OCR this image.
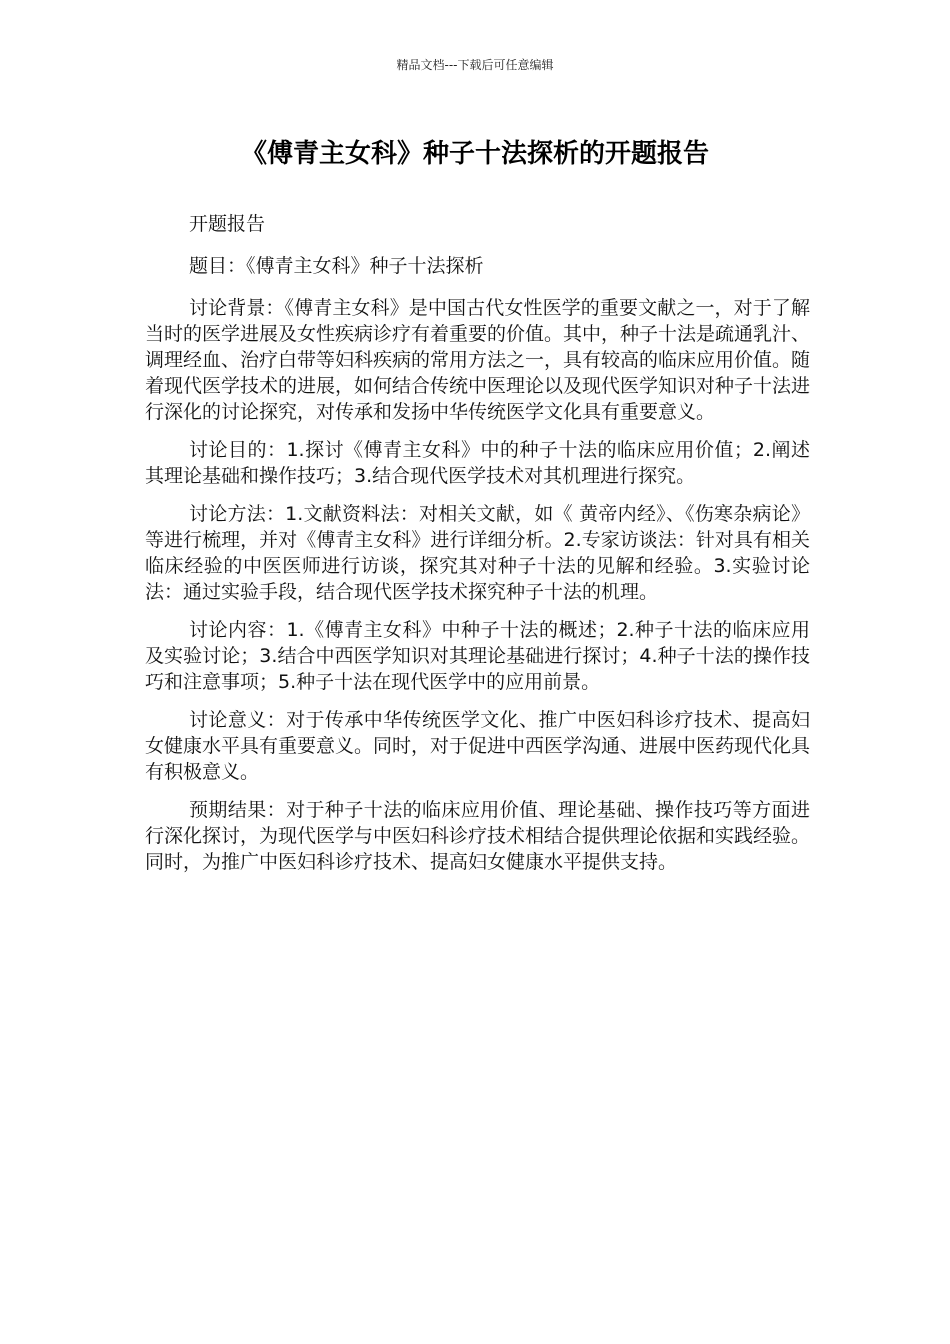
精品文档---下载后可任意编辑
《傅青主女科》种子十法探析的开题报告

开题报告

题目：《傅青主女科》种子十法探析

讨论背景：《傅青主女科》是中国古代女性医学的重要文献之一，对于了解当时的医学进展及女性疾病诊疗有着重要的价值。其中，种子十法是疏通乳汁、调理经血、治疗白带等妇科疾病的常用方法之一，具有较高的临床应用价值。随着现代医学技术的进展，如何结合传统中医理论以及现代医学知识对种子十法进行深化的讨论探究，对传承和发扬中华传统医学文化具有重要意义。

讨论目的：1.探讨《傅青主女科》中的种子十法的临床应用价值；2.阐述其理论基础和操作技巧；3.结合现代医学技术对其机理进行探究。

讨论方法：1.文献资料法：对相关文献，如《 黄帝内经》、《伤寒杂病论》等进行梳理，并对《傅青主女科》进行详细分析。2.专家访谈法：针对具有相关临床经验的中医医师进行访谈，探究其对种子十法的见解和经验。3.实验讨论法：通过实验手段，结合现代医学技术探究种子十法的机理。

讨论内容：1.《傅青主女科》中种子十法的概述；2.种子十法的临床应用及实验讨论；3.结合中西医学知识对其理论基础进行探讨；4.种子十法的操作技巧和注意事项；5.种子十法在现代医学中的应用前景。

讨论意义：对于传承中华传统医学文化、推广中医妇科诊疗技术、提高妇女健康水平具有重要意义。同时，对于促进中西医学沟通、进展中医药现代化具有积极意义。

预期结果：对于种子十法的临床应用价值、理论基础、操作技巧等方面进行深化探讨，为现代医学与中医妇科诊疗技术相结合提供理论依据和实践经验。同时，为推广中医妇科诊疗技术、提高妇女健康水平提供支持。
